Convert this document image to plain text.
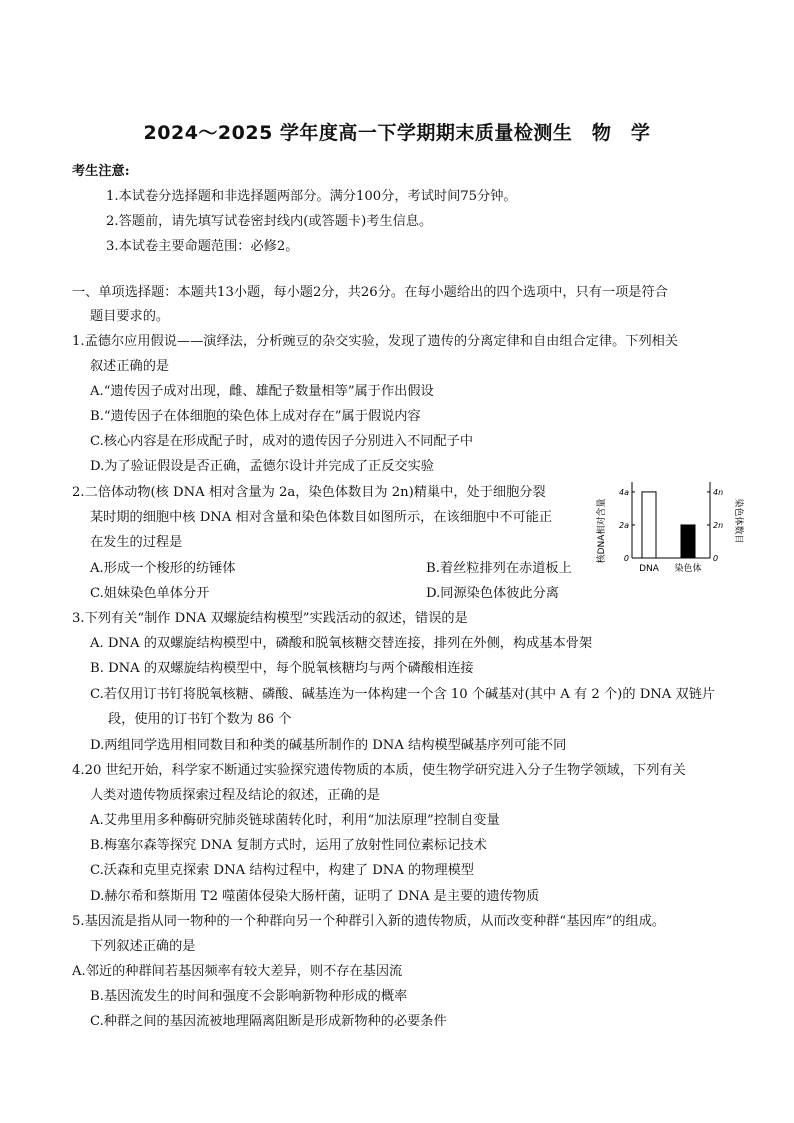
2024～2025 学年度高一下学期期末质量检测生　物　学
考生注意:
1.本试卷分选择题和非选择题两部分。满分100分，考试时间75分钟。
2.答题前，请先填写试卷密封线内(或答题卡)考生信息。
3.本试卷主要命题范围：必修2。
一、单项选择题：本题共13小题，每小题2分，共26分。在每小题给出的四个选项中，只有一项是符合
题目要求的。
1.孟德尔应用假说——演绎法，分析豌豆的杂交实验，发现了遗传的分离定律和自由组合定律。下列相关
叙述正确的是
A.“遗传因子成对出现，雌、雄配子数量相等”属于作出假设
B.“遗传因子在体细胞的染色体上成对存在”属于假说内容
C.核心内容是在形成配子时，成对的遗传因子分别进入不同配子中
D.为了验证假设是否正确，孟德尔设计并完成了正反交实验
2.二倍体动物(核 DNA 相对含量为 2a，染色体数目为 2n)精巢中，处于细胞分裂
某时期的细胞中核 DNA 相对含量和染色体数目如图所示，在该细胞中不可能正
在发生的过程是
A.形成一个梭形的纺锤体	B.着丝粒排列在赤道板上
C.姐妹染色单体分开	D.同源染色体彼此分离
核DNA相对含量	染色体数目
0
2a
4a
0
2n
4n
DNA 染色体
3.下列有关“制作 DNA 双螺旋结构模型”实践活动的叙述，错误的是
A. DNA 的双螺旋结构模型中，磷酸和脱氧核糖交替连接，排列在外侧，构成基本骨架
B. DNA 的双螺旋结构模型中，每个脱氧核糖均与两个磷酸相连接
C.若仅用订书钉将脱氧核糖、磷酸、碱基连为一体构建一个含 10 个碱基对(其中 A 有 2 个)的 DNA 双链片
段，使用的订书钉个数为 86 个
D.两组同学选用相同数目和种类的碱基所制作的 DNA 结构模型碱基序列可能不同
4.20 世纪开始，科学家不断通过实验探究遗传物质的本质，使生物学研究进入分子生物学领域，下列有关
人类对遗传物质探索过程及结论的叙述，正确的是
A.艾弗里用多种酶研究肺炎链球菌转化时，利用“加法原理”控制自变量
B.梅塞尔森等探究 DNA 复制方式时，运用了放射性同位素标记技术
C.沃森和克里克探索 DNA 结构过程中，构建了 DNA 的物理模型
D.赫尔希和蔡斯用 T2 噬菌体侵染大肠杆菌，证明了 DNA 是主要的遗传物质
5.基因流是指从同一物种的一个种群向另一个种群引入新的遗传物质，从而改变种群“基因库”的组成。
下列叙述正确的是
A.邻近的种群间若基因频率有较大差异，则不存在基因流
B.基因流发生的时间和强度不会影响新物种形成的概率
C.种群之间的基因流被地理隔离阻断是形成新物种的必要条件
